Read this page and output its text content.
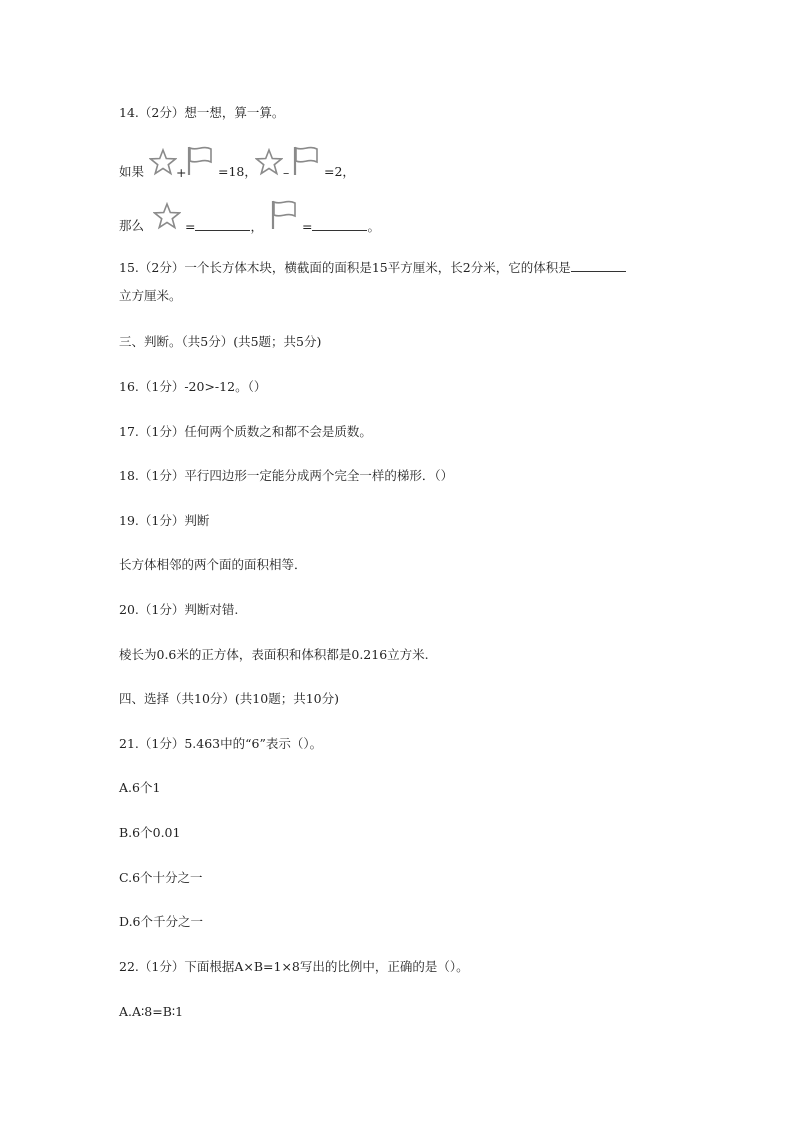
14.（2分）想一想，算一算。
如果	+	=18， –	=2，
那么	=	，	=	。
15.（2分）一个长方体木块，横截面的面积是15平方厘米，长2分米，它的体积是
立方厘米。
三、判断。（共5分）(共5题；共5分)
16.（1分）-20>-12。（）
17.（1分）任何两个质数之和都不会是质数。
18.（1分）平行四边形一定能分成两个完全一样的梯形．（）
19.（1分）判断
长方体相邻的两个面的面积相等．
20.（1分）判断对错.
棱长为0.6米的正方体，表面积和体积都是0.216立方米.
四、选择（共10分）(共10题；共10分)
21.（1分）5.463中的“6”表示（）。
A.6个1
B.6个0.01
C.6个十分之一
D.6个千分之一
22.（1分）下面根据A×B=1×8写出的比例中，正确的是（）。
A.A∶8=B∶1
